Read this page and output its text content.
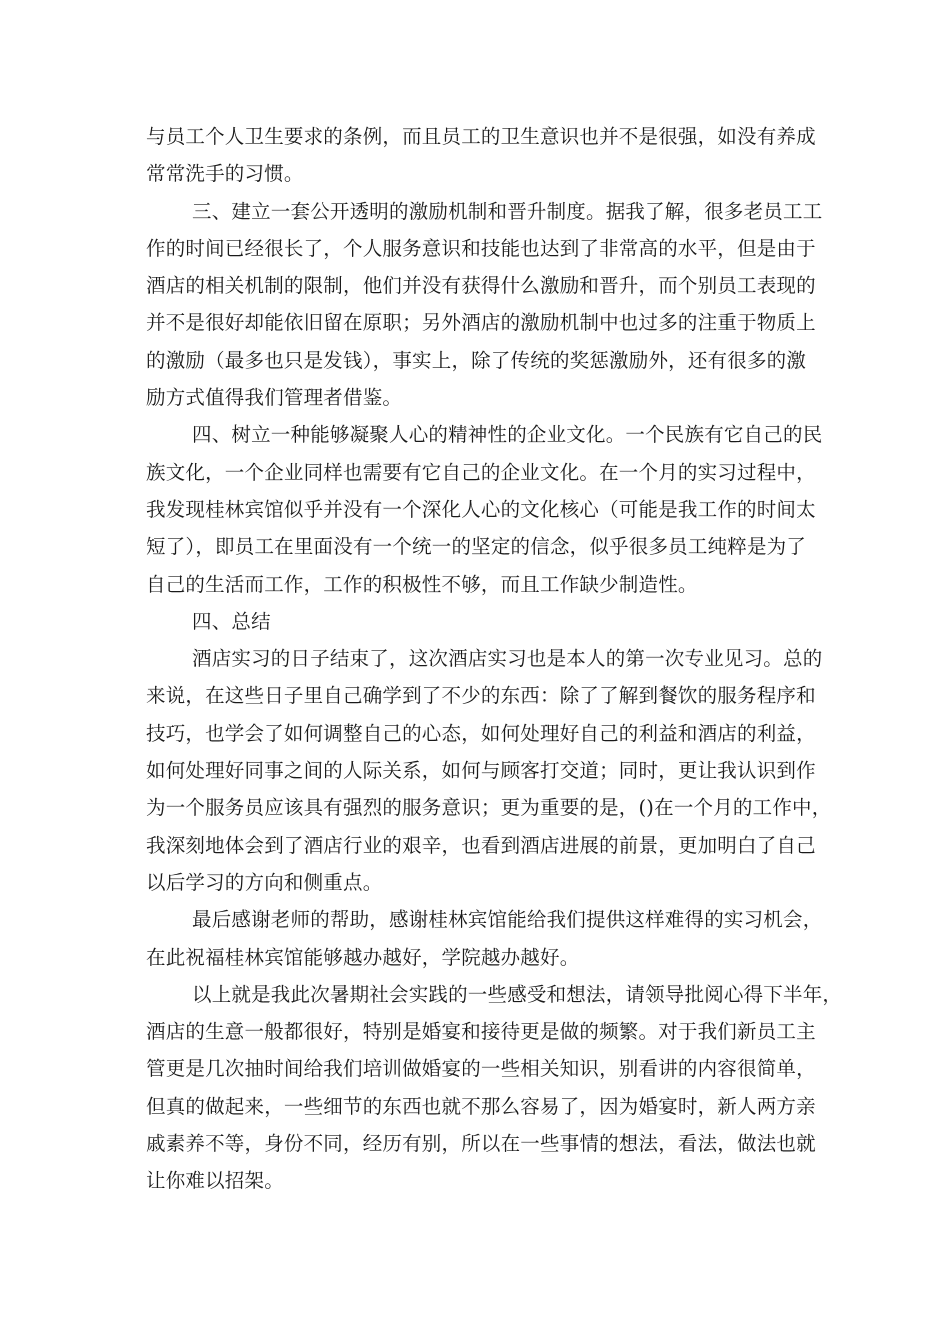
与员工个人卫生要求的条例，而且员工的卫生意识也并不是很强，如没有养成
常常洗手的习惯。
三、建立一套公开透明的激励机制和晋升制度。据我了解，很多老员工工
作的时间已经很长了，个人服务意识和技能也达到了非常高的水平，但是由于
酒店的相关机制的限制，他们并没有获得什么激励和晋升，而个别员工表现的
并不是很好却能依旧留在原职；另外酒店的激励机制中也过多的注重于物质上
的激励（最多也只是发钱），事实上，除了传统的奖惩激励外，还有很多的激
励方式值得我们管理者借鉴。
四、树立一种能够凝聚人心的精神性的企业文化。一个民族有它自己的民
族文化，一个企业同样也需要有它自己的企业文化。在一个月的实习过程中，
我发现桂林宾馆似乎并没有一个深化人心的文化核心（可能是我工作的时间太
短了），即员工在里面没有一个统一的坚定的信念，似乎很多员工纯粹是为了
自己的生活而工作，工作的积极性不够，而且工作缺少制造性。
四、总结
酒店实习的日子结束了，这次酒店实习也是本人的第一次专业见习。总的
来说，在这些日子里自己确学到了不少的东西：除了了解到餐饮的服务程序和
技巧，也学会了如何调整自己的心态，如何处理好自己的利益和酒店的利益，
如何处理好同事之间的人际关系，如何与顾客打交道；同时，更让我认识到作
为一个服务员应该具有强烈的服务意识；更为重要的是，()在一个月的工作中，
我深刻地体会到了酒店行业的艰辛，也看到酒店进展的前景，更加明白了自己
以后学习的方向和侧重点。
最后感谢老师的帮助，感谢桂林宾馆能给我们提供这样难得的实习机会，
在此祝福桂林宾馆能够越办越好，学院越办越好。
以上就是我此次暑期社会实践的一些感受和想法，请领导批阅心得下半年，
酒店的生意一般都很好，特别是婚宴和接待更是做的频繁。对于我们新员工主
管更是几次抽时间给我们培训做婚宴的一些相关知识，别看讲的内容很简单，
但真的做起来，一些细节的东西也就不那么容易了，因为婚宴时，新人两方亲
戚素养不等，身份不同，经历有别，所以在一些事情的想法，看法，做法也就
让你难以招架。
